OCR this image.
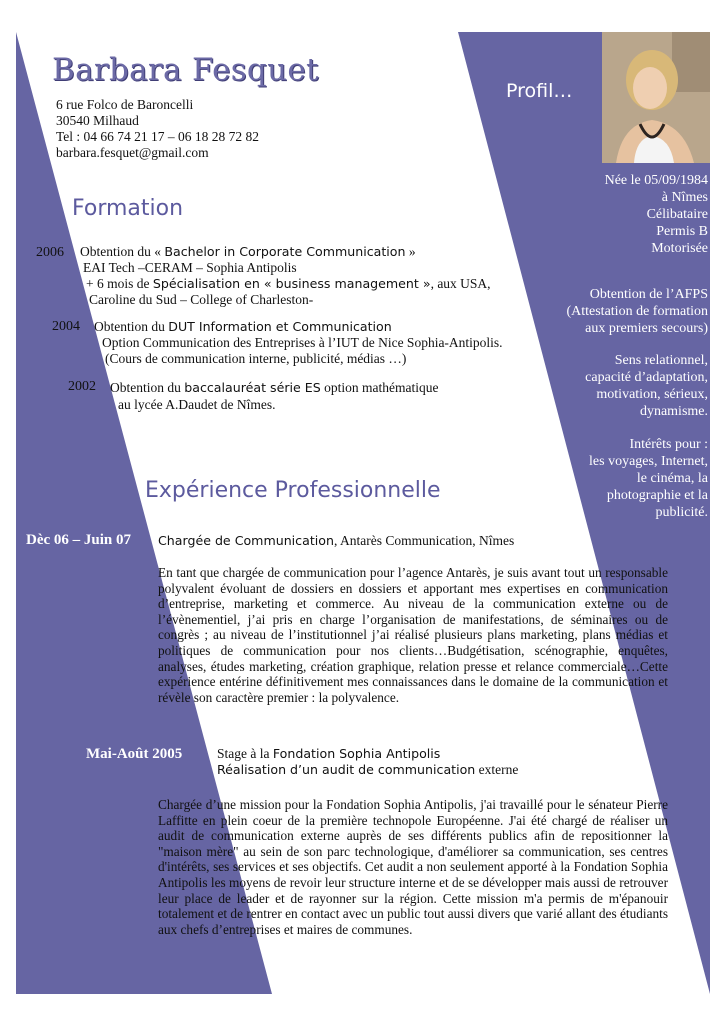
Barbara Fesquet
6 rue Folco de Baroncelli
30540 Milhaud
Tel : 04 66 74 21 17 – 06 18 28 72 82
barbara.fesquet@gmail.com
Profil…
Née le 05/09/1984
à Nîmes
Célibataire
Permis B
Motorisée
Obtention de l’AFPS
(Attestation de formation
aux premiers secours)
Sens relationnel,
capacité d’adaptation,
motivation, sérieux,
dynamisme.
Intérêts pour :
les voyages, Internet,
le cinéma, la
photographie et la
publicité.
Formation
2006 Obtention du « Bachelor in Corporate Communication »
EAI Tech –CERAM – Sophia Antipolis
+ 6 mois de Spécialisation en « business management », aux USA,
Caroline du Sud – College of Charleston-
2004 Obtention du DUT Information et Communication
Option Communication des Entreprises à l’IUT de Nice Sophia-Antipolis.
(Cours de communication interne, publicité, médias …)
2002 Obtention du baccalauréat série ES option mathématique
au lycée A.Daudet de Nîmes.
Expérience Professionnelle
Dèc 06 – Juin 07 Chargée de Communication, Antarès Communication, Nîmes
En tant que chargée de communication pour l’agence Antarès, je suis avant tout un responsable polyvalent évoluant de dossiers en dossiers et apportant mes expertises en communication d’entreprise, marketing et commerce. Au niveau de la communication externe ou de l’évènementiel, j’ai pris en charge l’organisation de manifestations, de séminaires ou de congrès ; au niveau de l’institutionnel j’ai réalisé plusieurs plans marketing, plans médias et politiques de communication pour nos clients…Budgétisation, scénographie, enquêtes, analyses, études marketing, création graphique, relation presse et relance commerciale…Cette expérience entérine définitivement mes connaissances dans le domaine de la communication et révèle son caractère premier : la polyvalence.
Mai-Août 2005	Stage à la Fondation Sophia Antipolis
Réalisation d’un audit de communication externe
Chargée d’une mission pour la Fondation Sophia Antipolis, j'ai travaillé pour le sénateur Pierre Laffitte en plein coeur de la première technopole Européenne. J'ai été chargé de réaliser un audit de communication externe auprès de ses différents publics afin de repositionner la "maison mère" au sein de son parc technologique, d'améliorer sa communication, ses centres d'intérêts, ses services et ses objectifs. Cet audit a non seulement apporté à la Fondation Sophia Antipolis les moyens de revoir leur structure interne et de se développer mais aussi de retrouver leur place de leader et de rayonner sur la région. Cette mission m'a permis de m'épanouir totalement et de rentrer en contact avec un public tout aussi divers que varié allant des étudiants aux chefs d’entreprises et maires de communes.
